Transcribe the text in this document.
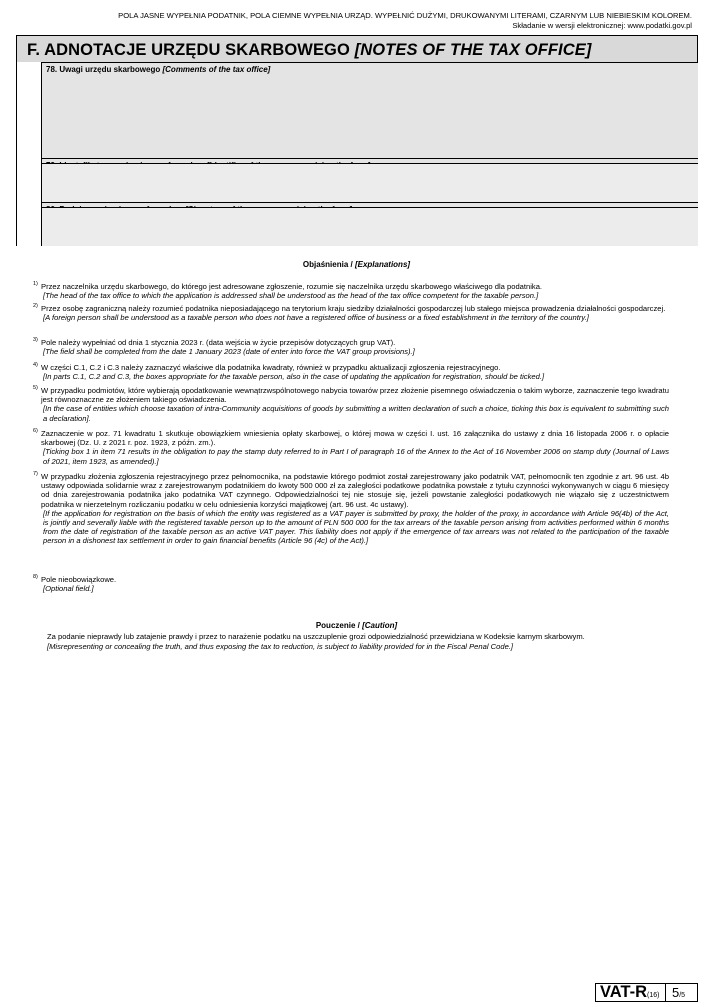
POLA JASNE WYPEŁNIA PODATNIK, POLA CIEMNE WYPEŁNIA URZĄD. WYPEŁNIĆ DUŻYMI, DRUKOWANYMI LITERAMI, CZARNYM LUB NIEBIESKIM KOLOREM.
Składanie w wersji elektronicznej: www.podatki.gov.pl
F. ADNOTACJE URZĘDU SKARBOWEGO [NOTES OF THE TAX OFFICE]
78. Uwagi urzędu skarbowego [Comments of the tax office]
Objaśnienia / [Explanations]
$^{1)}$ Przez naczelnika urzędu skarbowego, do którego jest adresowane zgłoszenie, rozumie się naczelnika urzędu skarbowego właściwego dla podatnika.
[The head of the tax office to which the application is addressed shall be understood as the head of the tax office competent for the taxable person.]
$^{2)}$ Przez osobę zagraniczną należy rozumieć podatnika nieposiadającego na terytorium kraju siedziby działalności gospodarczej lub stałego miejsca prowadzenia działalności gospodarczej.
[A foreign person shall be understood as a taxable person who does not have a registered office of business or a fixed establishment in the territory of the country.]
$^{3)}$ Pole należy wypełniać od dnia 1 stycznia 2023 r. (data wejścia w życie przepisów dotyczących grup VAT).
[The field shall be completed from the date 1 January 2023 (date of enter into force the VAT group provisions).]
$^{4)}$ W części C.1, C.2 i C.3 należy zaznaczyć właściwe dla podatnika kwadraty, również w przypadku aktualizacji zgłoszenia rejestracyjnego.
[In parts C.1, C.2 and C.3, the boxes appropriate for the taxable person, also in the case of updating the application for registration, should be ticked.]
$^{5)}$ W przypadku podmiotów, które wybierają opodatkowanie wewnątrzwspólnotowego nabycia towarów przez złożenie pisemnego oświadczenia o takim wyborze, zaznaczenie tego kwadratu jest równoznaczne ze złożeniem takiego oświadczenia.
[In the case of entities which choose taxation of intra-Community acquisitions of goods by submitting a written declaration of such a choice, ticking this box is equivalent to submitting such a declaration].
$^{6)}$ Zaznaczenie w poz. 71 kwadratu 1 skutkuje obowiązkiem wniesienia opłaty skarbowej, o której mowa w części I. ust. 16 załącznika do ustawy z dnia 16 listopada 2006 r. o opłacie skarbowej (Dz. U. z 2021 r. poz. 1923, z późn. zm.).
[Ticking box 1 in item 71 results in the obligation to pay the stamp duty referred to in Part I of paragraph 16 of the Annex to the Act of 16 November 2006 on stamp duty (Journal of Laws of 2021, item 1923, as amended).]
$^{7)}$ W przypadku złożenia zgłoszenia rejestracyjnego przez pełnomocnika, na podstawie którego podmiot został zarejestrowany jako podatnik VAT, pełnomocnik ten zgodnie z art. 96 ust. 4b ustawy odpowiada solidarnie wraz z zarejestrowanym podatnikiem do kwoty 500 000 zł za zaległości podatkowe podatnika powstałe z tytułu czynności wykonywanych w ciągu 6 miesięcy od dnia zarejestrowania podatnika jako podatnika VAT czynnego. Odpowiedzialności tej nie stosuje się, jeżeli powstanie zaległości podatkowych nie wiązało się z uczestnictwem podatnika w nierzetelnym rozliczaniu podatku w celu odniesienia korzyści majątkowej (art. 96 ust. 4c ustawy).
[If the application for registration on the basis of which the entity was registered as a VAT payer is submitted by proxy, the holder of the proxy, in accordance with Article 96(4b) of the Act, is jointly and severally liable with the registered taxable person up to the amount of PLN 500 000 for the tax arrears of the taxable person arising from activities performed within 6 months from the date of registration of the taxable person as an active VAT payer. This liability does not apply if the emergence of tax arrears was not related to the participation of the taxable person in a dishonest tax settlement in order to gain financial benefits (Article 96 (4c) of the Act).]
$^{8)}$ Pole nieobowiązkowe.
[Optional field.]
Pouczenie / [Caution]
Za podanie nieprawdy lub zatajenie prawdy i przez to narażenie podatku na uszczuplenie grozi odpowiedzialność przewidziana w Kodeksie karnym skarbowym.
[Misrepresenting or concealing the truth, and thus exposing the tax to reduction, is subject to liability provided for in the Fiscal Penal Code.]
VAT-R (16) 5/5
